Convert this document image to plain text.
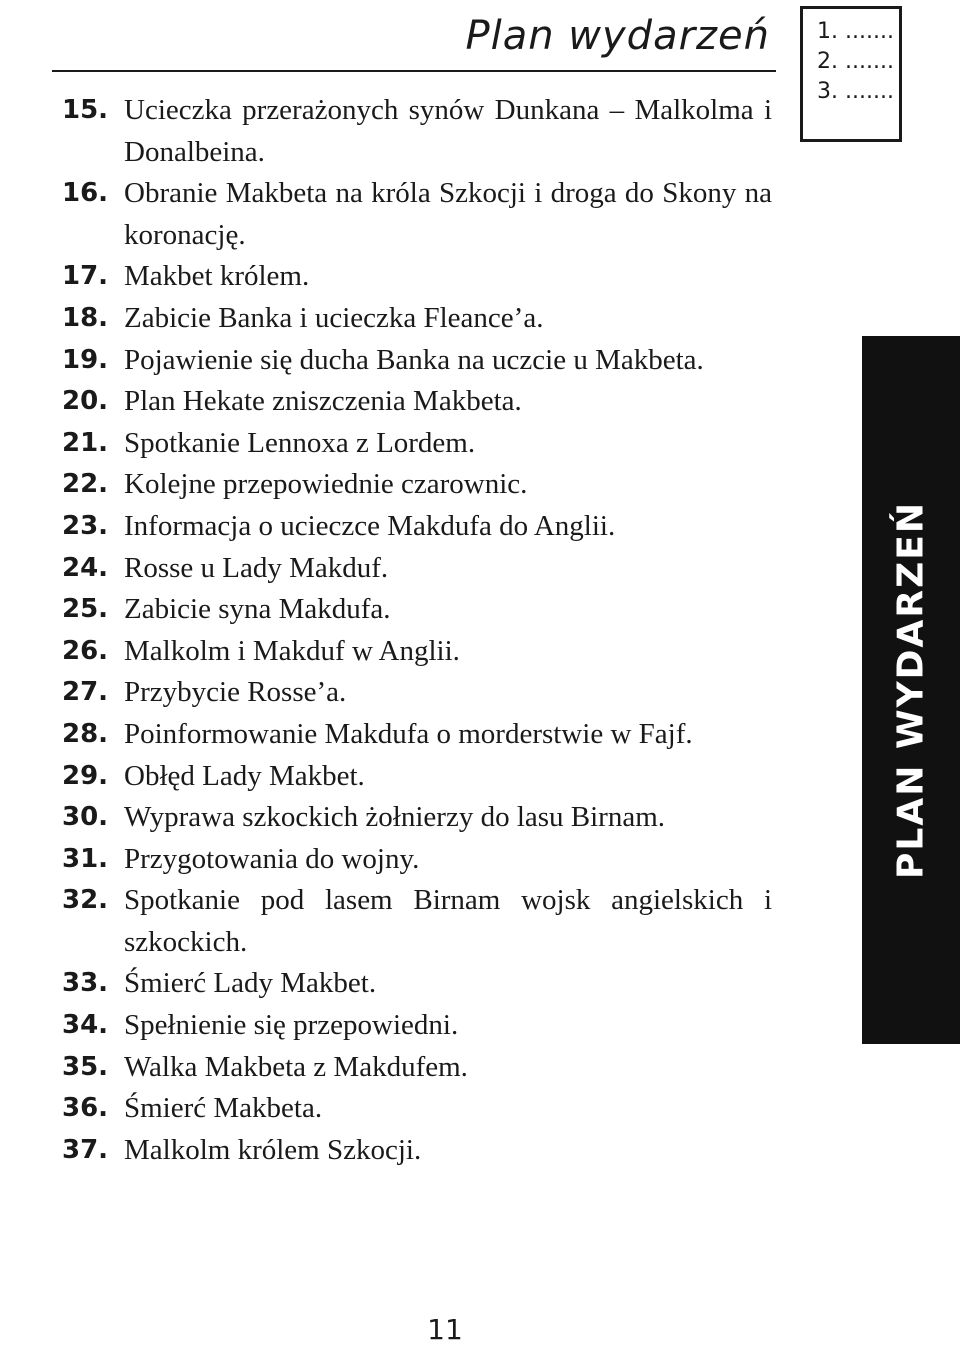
Plan wydarzeń 1. .......
2. .......
3. .......
PLAN WYDARZEŃ
15. Ucieczka przerażonych synów Dunkana – Malkolma i Donalbeina.
16. Obranie Makbeta na króla Szkocji i droga do Skony na koronację.
17. Makbet królem.
18. Zabicie Banka i ucieczka Fleance’a.
19. Pojawienie się ducha Banka na uczcie u Makbeta.
20. Plan Hekate zniszczenia Makbeta.
21. Spotkanie Lennoxa z Lordem.
22. Kolejne przepowiednie czarownic.
23. Informacja o ucieczce Makdufa do Anglii.
24. Rosse u Lady Makduf.
25. Zabicie syna Makdufa.
26. Malkolm i Makduf w Anglii.
27. Przybycie Rosse’a.
28. Poinformowanie Makdufa o morderstwie w Fajf.
29. Obłęd Lady Makbet.
30. Wyprawa szkockich żołnierzy do lasu Birnam.
31. Przygotowania do wojny.
32. Spotkanie pod lasem Birnam wojsk angielskich i szkockich.
33. Śmierć Lady Makbet.
34. Spełnienie się przepowiedni.
35. Walka Makbeta z Makdufem.
36. Śmierć Makbeta.
37. Malkolm królem Szkocji.
11
